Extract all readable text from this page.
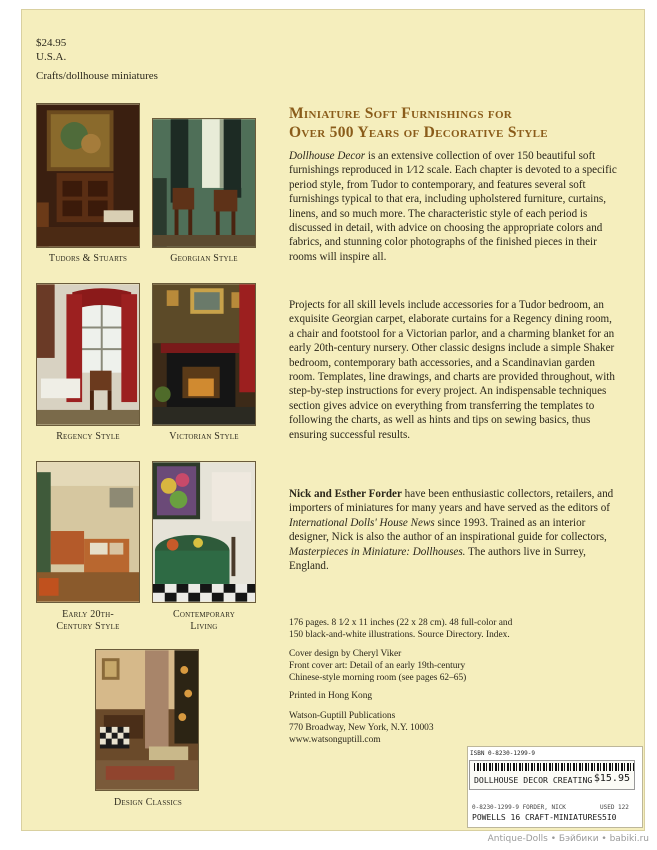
$24.95
U.S.A.
Crafts/dollhouse miniatures
Tudors & Stuarts	Georgian Style
Regency Style	Victorian Style
Early 20th-
Century Style
Contemporary
Living
Design Classics
Miniature Soft Furnishings for
Over 500 Years of Decorative Style

Dollhouse Decor is an extensive collection of over 150 beautiful soft furnishings reproduced in 1⁄12 scale. Each chapter is devoted to a specific period style, from Tudor to contemporary, and features several soft furnishings typical to that era, including upholstered furniture, curtains, linens, and so much more. The characteristic style of each period is discussed in detail, with advice on choosing the appropriate colors and fabrics, and stunning color photographs of the finished pieces in their rooms will inspire all.

Projects for all skill levels include accessories for a Tudor bedroom, an exquisite Georgian carpet, elaborate curtains for a Regency dining room, a chair and footstool for a Victorian parlor, and a charming blanket for an early 20th-century nursery. Other classic designs include a simple Shaker bedroom, contemporary bath accessories, and a Scandinavian garden room. Templates, line drawings, and charts are provided throughout, with step-by-step instructions for every project. An indispensable techniques section gives advice on everything from transferring the templates to following the charts, as well as hints and tips on sewing basics, thus ensuring successful results.

Nick and Esther Forder have been enthusiastic collectors, retailers, and importers of miniatures for many years and have served as the editors of International Dolls' House News since 1993. Trained as an interior designer, Nick is also the author of an inspirational guide for collectors, Masterpieces in Miniature: Dollhouses. The authors live in Surrey, England.

176 pages. 8 1⁄2 x 11 inches (22 x 28 cm). 48 full-color and
150 black-and-white illustrations. Source Directory. Index.
Cover design by Cheryl Viker
Front cover art: Detail of an early 19th-century
Chinese-style morning room (see pages 62–65)
Printed in Hong Kong
Watson-Guptill Publications
770 Broadway, New York, N.Y. 10003
www.watsonguptill.com
ISBN 0-8230-1299-9
DOLLHOUSE DECOR CREATING $15.95
0-8230-1299-9 FORDER, NICK	USED 122
POWELLS 16 CRAFT-MINIATURES5I0
Antique-Dolls • Бэйбики • babiki.ru
